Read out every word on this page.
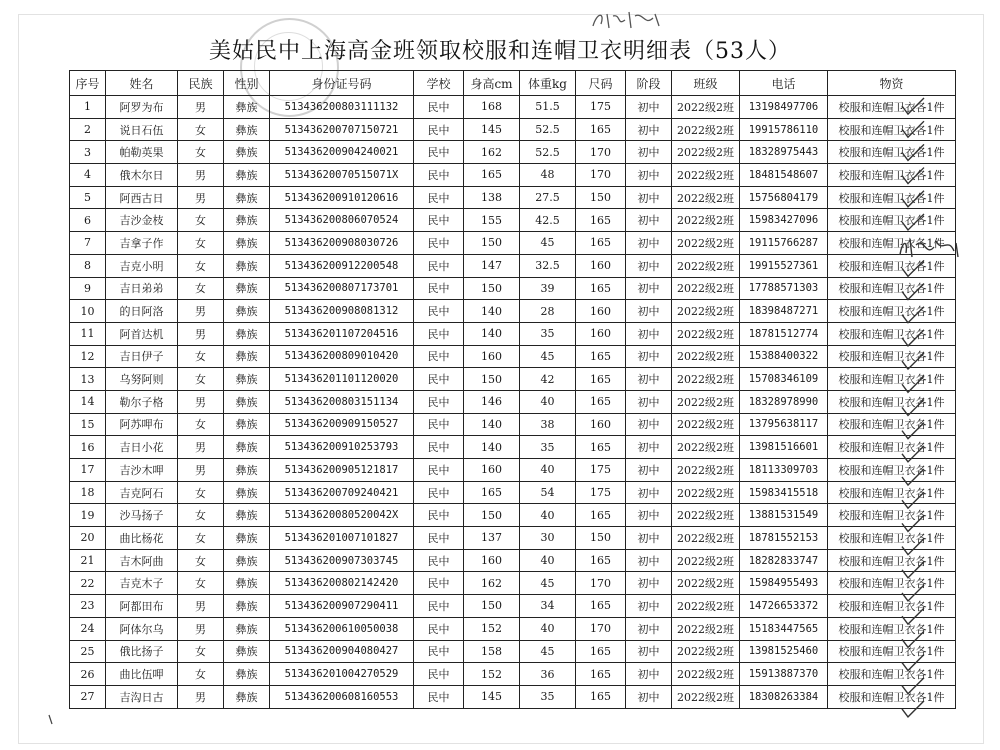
美姑民中上海高金班领取校服和连帽卫衣明细表（53人）
序号	姓名	民族	性别	身份证号码	学校	身高cm	体重kg	尺码	阶段	班级	电话	物资
1	阿罗为布	男	彝族	513436200803111132	民中	168	51.5	175	初中	2022级2班	13198497706	校服和连帽卫衣各1件
2	说日石伍	女	彝族	513436200707150721	民中	145	52.5	165	初中	2022级2班	19915786110	校服和连帽卫衣各1件
3	帕勒英果	女	彝族	513436200904240021	民中	162	52.5	170	初中	2022级2班	18328975443	校服和连帽卫衣各1件
4	俄木尔日	男	彝族	51343620070515071X	民中	165	48	170	初中	2022级2班	18481548607	校服和连帽卫衣各1件
5	阿西古日	男	彝族	513436200910120616	民中	138	27.5	150	初中	2022级2班	15756804179	校服和连帽卫衣各1件
6	吉沙金枝	女	彝族	513436200806070524	民中	155	42.5	165	初中	2022级2班	15983427096	校服和连帽卫衣各1件
7	吉拿子作	女	彝族	513436200908030726	民中	150	45	165	初中	2022级2班	19115766287	校服和连帽卫衣各1件
8	吉克小明	女	彝族	513436200912200548	民中	147	32.5	160	初中	2022级2班	19915527361	校服和连帽卫衣各1件
9	吉日弟弟	女	彝族	513436200807173701	民中	150	39	165	初中	2022级2班	17788571303	校服和连帽卫衣各1件
10	的日阿洛	男	彝族	513436200908081312	民中	140	28	160	初中	2022级2班	18398487271	校服和连帽卫衣各1件
11	阿首达机	男	彝族	513436201107204516	民中	140	35	160	初中	2022级2班	18781512774	校服和连帽卫衣各1件
12	吉日伊子	女	彝族	513436200809010420	民中	160	45	165	初中	2022级2班	15388400322	校服和连帽卫衣各1件
13	乌努阿则	女	彝族	513436201101120020	民中	150	42	165	初中	2022级2班	15708346109	校服和连帽卫衣各1件
14	勒尔子格	男	彝族	513436200803151134	民中	146	40	165	初中	2022级2班	18328978990	校服和连帽卫衣各1件
15	阿苏呷布	女	彝族	513436200909150527	民中	140	38	160	初中	2022级2班	13795638117	校服和连帽卫衣各1件
16	吉日小花	男	彝族	513436200910253793	民中	140	35	165	初中	2022级2班	13981516601	校服和连帽卫衣各1件
17	吉沙木呷	男	彝族	513436200905121817	民中	160	40	175	初中	2022级2班	18113309703	校服和连帽卫衣各1件
18	吉克阿石	女	彝族	513436200709240421	民中	165	54	175	初中	2022级2班	15983415518	校服和连帽卫衣各1件
19	沙马扬子	女	彝族	51343620080520042X	民中	150	40	165	初中	2022级2班	13881531549	校服和连帽卫衣各1件
20	曲比杨花	女	彝族	513436201007101827	民中	137	30	150	初中	2022级2班	18781552153	校服和连帽卫衣各1件
21	吉木阿曲	女	彝族	513436200907303745	民中	160	40	165	初中	2022级2班	18282833747	校服和连帽卫衣各1件
22	吉克木子	女	彝族	513436200802142420	民中	162	45	170	初中	2022级2班	15984955493	校服和连帽卫衣各1件
23	阿都田布	男	彝族	513436200907290411	民中	150	34	165	初中	2022级2班	14726653372	校服和连帽卫衣各1件
24	阿体尔乌	男	彝族	513436200610050038	民中	152	40	170	初中	2022级2班	15183447565	校服和连帽卫衣各1件
25	俄比扬子	女	彝族	513436200904080427	民中	158	45	165	初中	2022级2班	13981525460	校服和连帽卫衣各1件
26	曲比伍呷	女	彝族	513436201004270529	民中	152	36	165	初中	2022级2班	15913887370	校服和连帽卫衣各1件
27	吉沟日古	男	彝族	513436200608160553	民中	145	35	165	初中	2022级2班	18308263384	校服和连帽卫衣各1件
